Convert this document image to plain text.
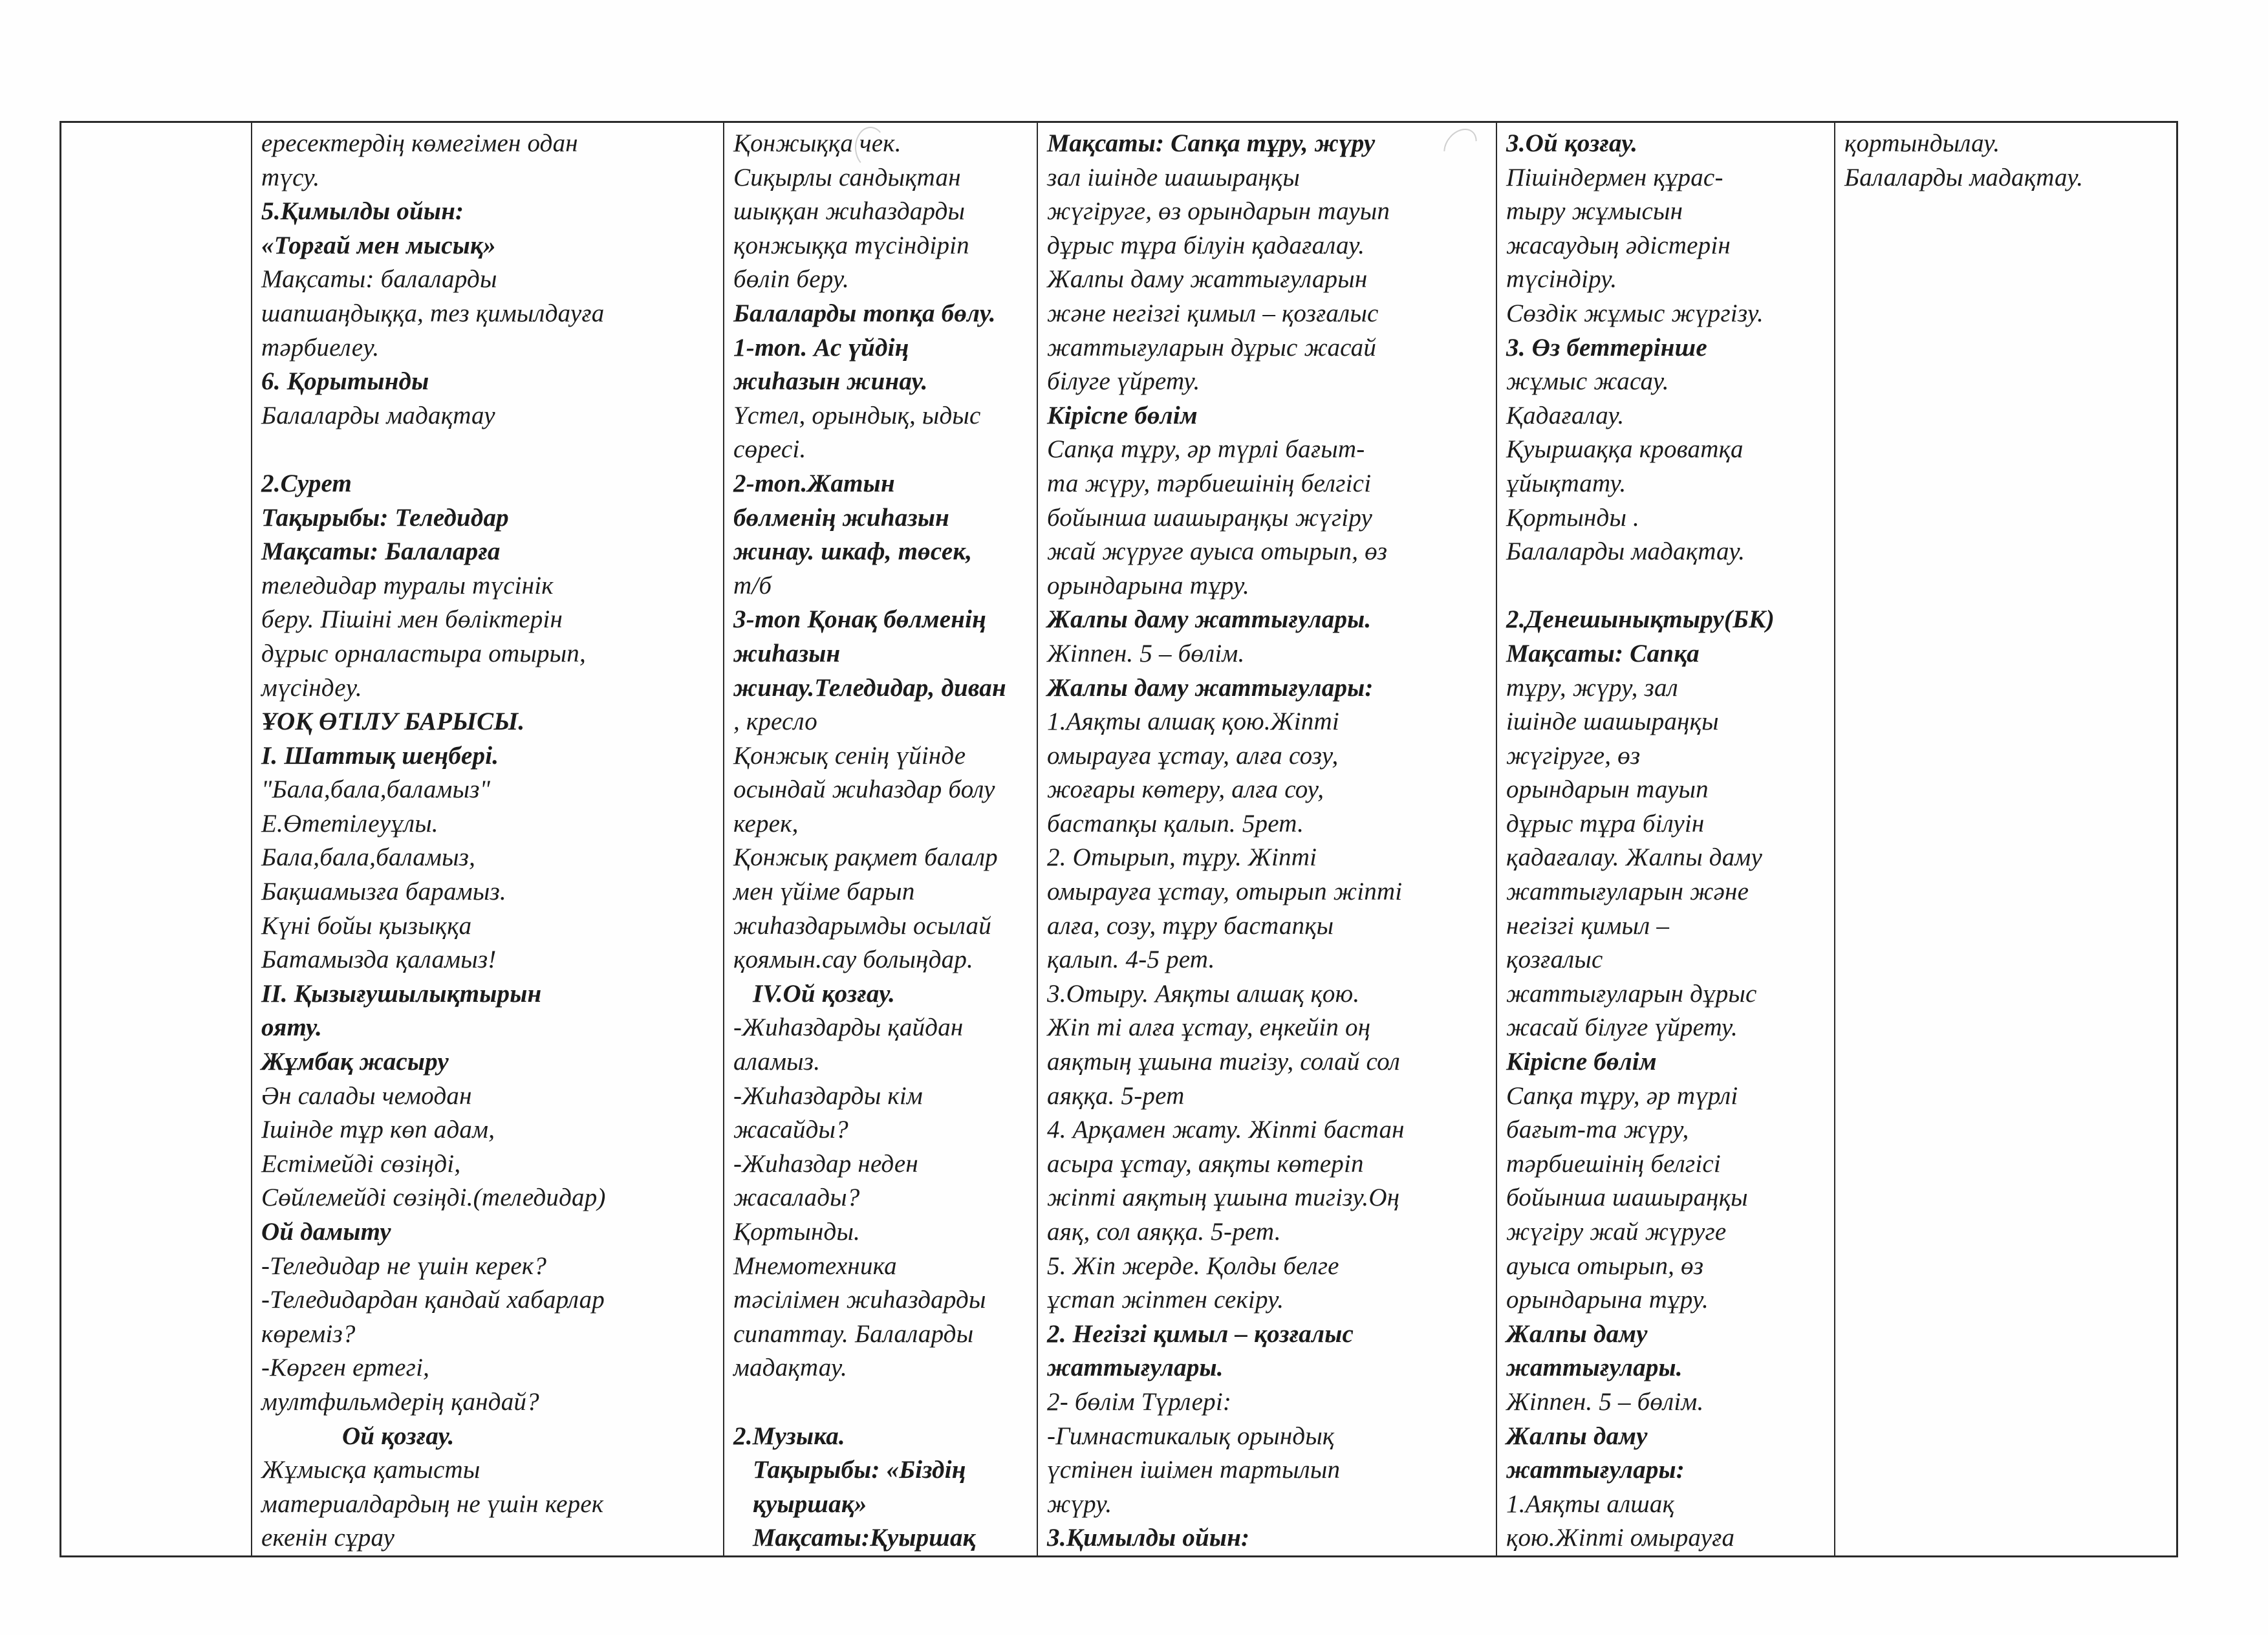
ересектердің көмегімен одан
түсу.
5.Қимылды ойын:
«Торғай мен мысық»
Мақсаты: балаларды
шапшаңдыққа, тез қимылдауға
тәрбиелеу.
6. Қорытынды
Балаларды мадақтау
2.Сурет
Тақырыбы: Теледидар
Мақсаты: Балаларға
теледидар туралы түсінік
беру. Пішіні мен бөліктерін
дұрыс орналастыра отырып,
мүсіндеу.
ҰОҚ ӨТІЛУ БАРЫСЫ.
І. Шаттық шеңбері.
"Бала,бала,баламыз"
Е.Өтетілеуұлы.
Бала,бала,баламыз,
Бақшамызға барамыз.
Күні бойы қызыққа
Батамызда қаламыз!
ІІ. Қызығушылықтырын
ояту.
Жұмбақ жасыру
Ән салады чемодан
Ішінде тұр көп адам,
Естімейді сөзіңді,
Сөйлемейді сөзіңді.(теледидар)
Ой дамыту
-Теледидар не үшін керек?
-Теледидардан қандай хабарлар
көреміз?
-Көрген ертегі,
мултфильмдерің қандай?
Ой қозғау.
Жұмысқа қатысты
материалдардың не үшін керек
екенін сұрау
Қонжыққа чек.
Сиқырлы сандықтан
шыққан жиһаздарды
қонжыққа түсіндіріп
бөліп беру.
Балаларды топқа бөлу.
1-топ. Ас үйдің
жиһазын жинау.
Үстел, орындық, ыдыс
сөресі.
2-топ.Жатын
бөлменің жиһазын
жинау. шкаф, төсек,
т/б
3-топ Қонақ бөлменің
жиһазын
жинау.Теледидар, диван
, кресло
Қонжық сенің үйінде
осындай жиһаздар болу
керек,
Қонжық рақмет балалр
мен үйіме барып
жиһаздарымды осылай
қоямын.сау болыңдар.
IV.Ой қозғау.
-Жиһаздарды қайдан
аламыз.
-Жиһаздарды кім
жасайды?
-Жиһаздар неден
жасалады?
Қортынды.
Мнемотехника
тәсілімен жиһаздарды
сипаттау. Балаларды
мадақтау.
2.Музыка.
Тақырыбы: «Біздің
қуыршақ»
Мақсаты:Қуыршақ
Мақсаты: Сапқа тұру, жүру
зал ішінде шашыраңқы
жүгіруге, өз орындарын тауып
дұрыс тұра білуін қадағалау.
Жалпы даму жаттығуларын
және негізгі қимыл – қозғалыс
жаттығуларын дұрыс жасай
білуге үйрету.
Кіріспе бөлім
Сапқа тұру, әр түрлі бағыт-
та жүру, тәрбиешінің белгісі
бойынша шашыраңқы жүгіру
жай жүруге ауыса отырып, өз
орындарына тұру.
Жалпы даму жаттығулары.
Жіппен. 5 – бөлім.
Жалпы даму жаттығулары:
1.Аяқты алшақ қою.Жіпті
омырауға ұстау, алға созу,
жоғары көтеру, алға соу,
бастапқы қалып. 5рет.
2. Отырып, тұру. Жіпті
омырауға ұстау, отырып жіпті
алға, созу, тұру бастапқы
қалып. 4-5 рет.
3.Отыру. Аяқты алшақ қою.
Жіп ті алға ұстау, еңкейіп оң
аяқтың ұшына тигізу, солай сол
аяққа. 5-рет
4. Арқамен жату. Жіпті бастан
асыра ұстау, аяқты көтеріп
жіпті аяқтың ұшына тигізу.Оң
аяқ, сол аяққа. 5-рет.
5. Жіп жерде. Қолды белге
ұстап жіптен секіру.
2. Негізгі қимыл – қозғалыс
жаттығулары.
2- бөлім Түрлері:
-Гимнастикалық орындық
үстінен ішімен тартылып
жүру.
3.Қимылды ойын:
3.Ой қозғау.
Пішіндермен құрас-
тыру жұмысын
жасаудың әдістерін
түсіндіру.
Сөздік жұмыс жүргізу.
3. Өз беттерінше
жұмыс жасау.
Қадағалау.
Қуыршаққа кроватқа
ұйықтату.
Қортынды .
Балаларды мадақтау.
2.Денешынықтыру(БК)
Мақсаты: Сапқа
тұру, жүру, зал
ішінде шашыраңқы
жүгіруге, өз
орындарын тауып
дұрыс тұра білуін
қадағалау. Жалпы даму
жаттығуларын және
негізгі қимыл –
қозғалыс
жаттығуларын дұрыс
жасай білуге үйрету.
Кіріспе бөлім
Сапқа тұру, әр түрлі
бағыт-та жүру,
тәрбиешінің белгісі
бойынша шашыраңқы
жүгіру жай жүруге
ауыса отырып, өз
орындарына тұру.
Жалпы даму
жаттығулары.
Жіппен. 5 – бөлім.
Жалпы даму
жаттығулары:
1.Аяқты алшақ
қою.Жіпті омырауға
қортындылау.
Балаларды мадақтау.
